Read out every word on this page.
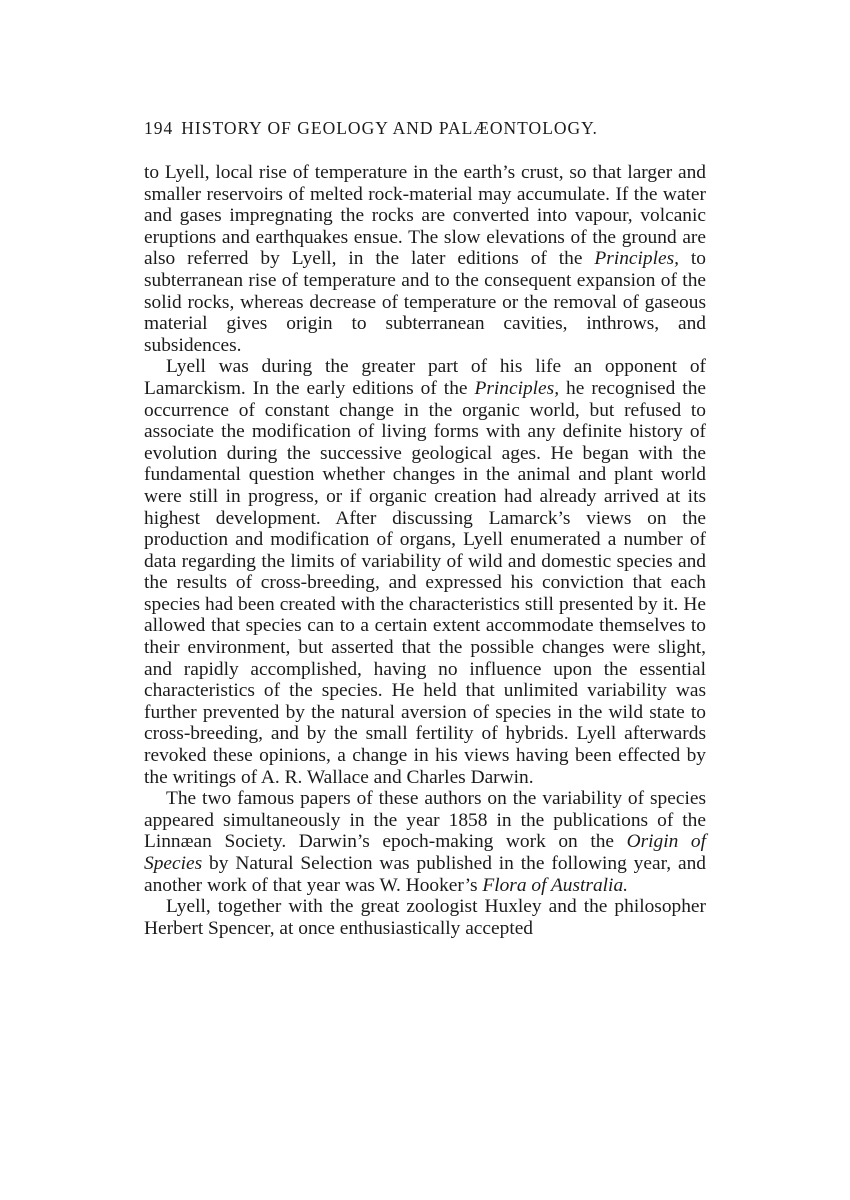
194 HISTORY OF GEOLOGY AND PALÆONTOLOGY.

to Lyell, local rise of temperature in the earth’s crust, so that larger and smaller reservoirs of melted rock-material may accumulate. If the water and gases impregnating the rocks are converted into vapour, volcanic eruptions and earthquakes ensue. The slow elevations of the ground are also referred by Lyell, in the later editions of the Principles, to subterranean rise of temperature and to the consequent expansion of the solid rocks, whereas decrease of temperature or the removal of gaseous material gives origin to subterranean cavities, inthrows, and subsidences.

Lyell was during the greater part of his life an opponent of Lamarckism. In the early editions of the Principles, he recognised the occurrence of constant change in the organic world, but refused to associate the modification of living forms with any definite history of evolution during the successive geological ages. He began with the fundamental question whether changes in the animal and plant world were still in progress, or if organic creation had already arrived at its highest development. After discussing Lamarck’s views on the production and modification of organs, Lyell enumerated a number of data regarding the limits of variability of wild and domestic species and the results of cross-breeding, and expressed his conviction that each species had been created with the characteristics still presented by it. He allowed that species can to a certain extent accommodate themselves to their environment, but asserted that the possible changes were slight, and rapidly accomplished, having no influence upon the essential characteristics of the species. He held that unlimited variability was further prevented by the natural aversion of species in the wild state to cross-breeding, and by the small fertility of hybrids. Lyell afterwards revoked these opinions, a change in his views having been effected by the writings of A. R. Wallace and Charles Darwin.

The two famous papers of these authors on the variability of species appeared simultaneously in the year 1858 in the publications of the Linnæan Society. Darwin’s epoch-making work on the Origin of Species by Natural Selection was published in the following year, and another work of that year was W. Hooker’s Flora of Australia.

Lyell, together with the great zoologist Huxley and the philosopher Herbert Spencer, at once enthusiastically accepted
